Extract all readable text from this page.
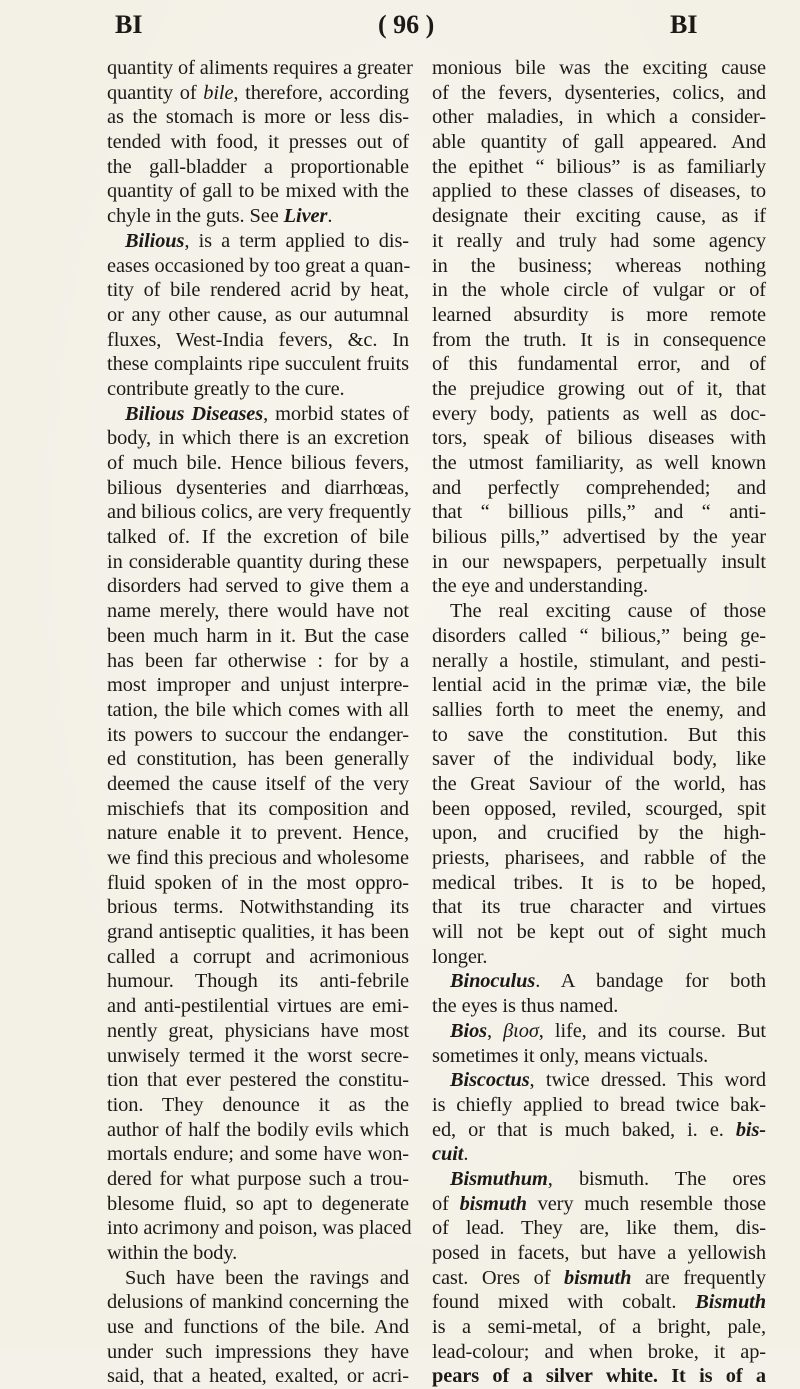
BI	( 96 )	BI
quantity of aliments requires a greater
quantity of bile, therefore, according
as the stomach is more or less dis-
tended with food, it presses out of
the gall-bladder a proportionable
quantity of gall to be mixed with the
chyle in the guts. See Liver.
Bilious, is a term applied to dis-
eases occasioned by too great a quan-
tity of bile rendered acrid by heat,
or any other cause, as our autumnal
fluxes, West-India fevers, &c. In
these complaints ripe succulent fruits
contribute greatly to the cure.
Bilious Diseases, morbid states of
body, in which there is an excretion
of much bile. Hence bilious fevers,
bilious dysenteries and diarrhœas,
and bilious colics, are very frequently
talked of. If the excretion of bile
in considerable quantity during these
disorders had served to give them a
name merely, there would have not
been much harm in it. But the case
has been far otherwise : for by a
most improper and unjust interpre-
tation, the bile which comes with all
its powers to succour the endanger-
ed constitution, has been generally
deemed the cause itself of the very
mischiefs that its composition and
nature enable it to prevent. Hence,
we find this precious and wholesome
fluid spoken of in the most oppro-
brious terms. Notwithstanding its
grand antiseptic qualities, it has been
called a corrupt and acrimonious
humour. Though its anti-febrile
and anti-pestilential virtues are emi-
nently great, physicians have most
unwisely termed it the worst secre-
tion that ever pestered the constitu-
tion. They denounce it as the
author of half the bodily evils which
mortals endure; and some have won-
dered for what purpose such a trou-
blesome fluid, so apt to degenerate
into acrimony and poison, was placed
within the body.
Such have been the ravings and
delusions of mankind concerning the
use and functions of the bile. And
under such impressions they have
said, that a heated, exalted, or acri-
monious bile was the exciting cause
of the fevers, dysenteries, colics, and
other maladies, in which a consider-
able quantity of gall appeared. And
the epithet “ bilious” is as familiarly
applied to these classes of diseases, to
designate their exciting cause, as if
it really and truly had some agency
in the business; whereas nothing
in the whole circle of vulgar or of
learned absurdity is more remote
from the truth. It is in consequence
of this fundamental error, and of
the prejudice growing out of it, that
every body, patients as well as doc-
tors, speak of bilious diseases with
the utmost familiarity, as well known
and perfectly comprehended; and
that “ billious pills,” and “ anti-
bilious pills,” advertised by the year
in our newspapers, perpetually insult
the eye and understanding.
The real exciting cause of those
disorders called “ bilious,” being ge-
nerally a hostile, stimulant, and pesti-
lential acid in the primæ viæ, the bile
sallies forth to meet the enemy, and
to save the constitution. But this
saver of the individual body, like
the Great Saviour of the world, has
been opposed, reviled, scourged, spit
upon, and crucified by the high-
priests, pharisees, and rabble of the
medical tribes. It is to be hoped,
that its true character and virtues
will not be kept out of sight much
longer.
Binoculus. A bandage for both
the eyes is thus named.
Bios, βιοσ, life, and its course. But
sometimes it only, means victuals.
Biscoctus, twice dressed. This word
is chiefly applied to bread twice bak-
ed, or that is much baked, i. e. bis-
cuit.
Bismuthum, bismuth. The ores
of bismuth very much resemble those
of lead. They are, like them, dis-
posed in facets, but have a yellowish
cast. Ores of bismuth are frequently
found mixed with cobalt. Bismuth
is a semi-metal, of a bright, pale,
lead-colour; and when broke, it ap-
pears of a silver white. It is of a
